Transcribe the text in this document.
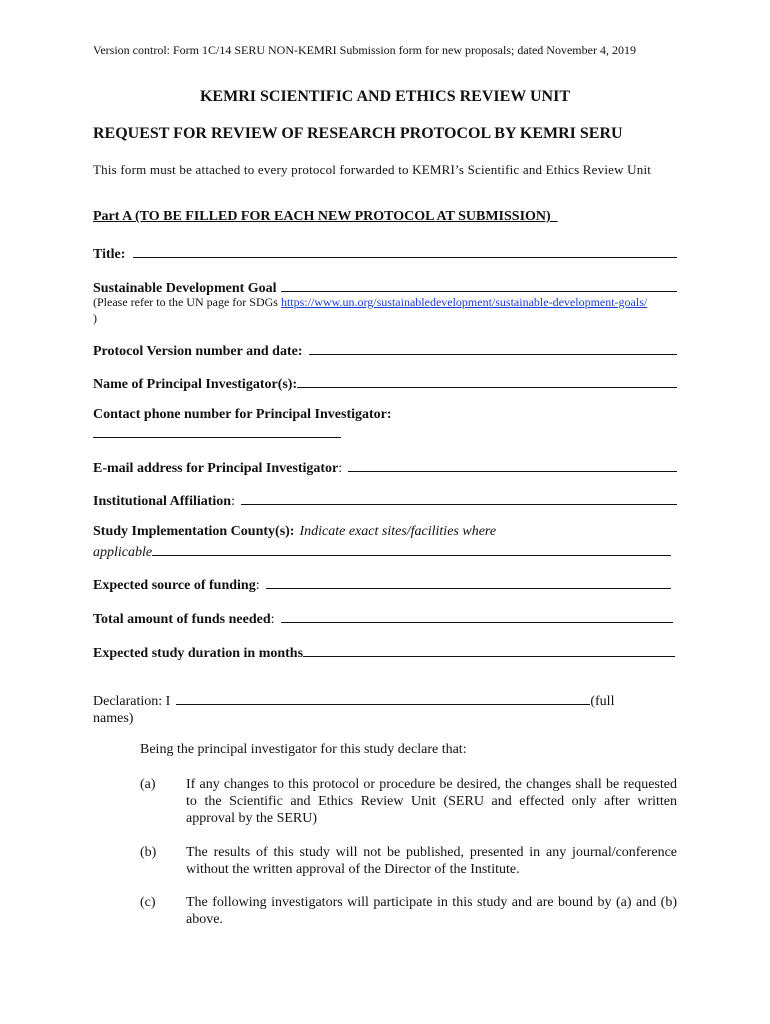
Version control: Form 1C/14 SERU NON-KEMRI Submission form for new proposals; dated November 4, 2019
KEMRI SCIENTIFIC AND ETHICS REVIEW UNIT
REQUEST FOR REVIEW OF RESEARCH PROTOCOL BY KEMRI SERU
This form must be attached to every protocol forwarded to KEMRI’s Scientific and Ethics Review Unit
Part A (TO BE FILLED FOR EACH NEW PROTOCOL AT SUBMISSION)
Title:
Sustainable Development Goal
(Please refer to the UN page for SDGs https://www.un.org/sustainabledevelopment/sustainable-development-goals/ )
Protocol Version number and date:
Name of Principal Investigator(s):
Contact phone number for Principal Investigator:
E-mail address for Principal Investigator :
Institutional Affiliation :
Study Implementation County(s): Indicate exact sites/facilities where
applicable
Expected source of funding :
Total amount of funds needed :
Expected study duration in months
Declaration: I	(full
names)
Being the principal investigator for this study declare that:
(a)	If any changes to this protocol or procedure be desired, the changes shall be requested to the Scientific and Ethics Review Unit (SERU and effected only after written approval by the SERU)
(b)	The results of this study will not be published, presented in any journal/conference without the written approval of the Director of the Institute.
(c)	The following investigators will participate in this study and are bound by (a) and (b) above.
